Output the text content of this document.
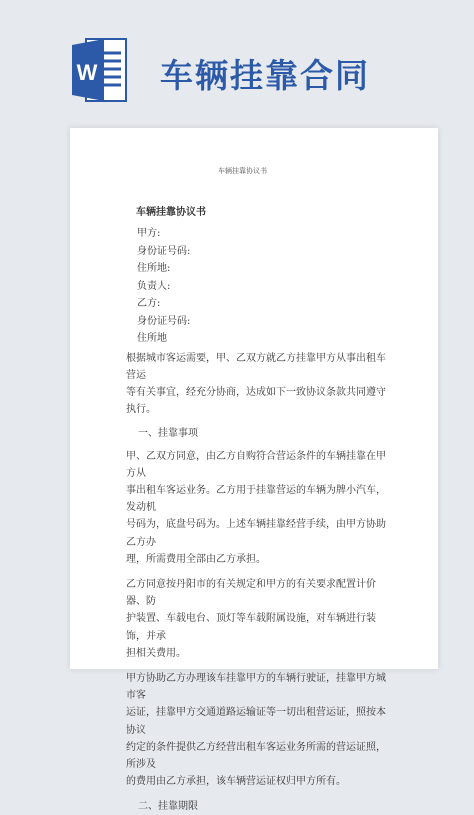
W 车辆挂靠合同
车辆挂靠协议书

车辆挂靠协议书

甲方:

身份证号码:

住所地:

负责人:

乙方:

身份证号码:

住所地

根据城市客运需要，甲、乙双方就乙方挂靠甲方从事出租车营运
等有关事宜，经充分协商，达成如下一致协议条款共同遵守执行。

一、挂靠事项

甲、乙双方同意，由乙方自购符合营运条件的车辆挂靠在甲方从
事出租车客运业务。乙方用于挂靠营运的车辆为牌小汽车，发动机
号码为，底盘号码为。上述车辆挂靠经营手续，由甲方协助乙方办
理，所需费用全部由乙方承担。
乙方同意按丹阳市的有关规定和甲方的有关要求配置计价器、防
护装置、车载电台、顶灯等车载附属设施，对车辆进行装饰，并承
担相关费用。
甲方协助乙方办理该车挂靠甲方的车辆行驶证，挂靠甲方城市客
运证，挂靠甲方交通道路运输证等一切出租营运证，照按本协议
约定的条件提供乙方经营出租车客运业务所需的营运证照，所涉及
的费用由乙方承担，该车辆营运证权归甲方所有。

二、挂靠期限
